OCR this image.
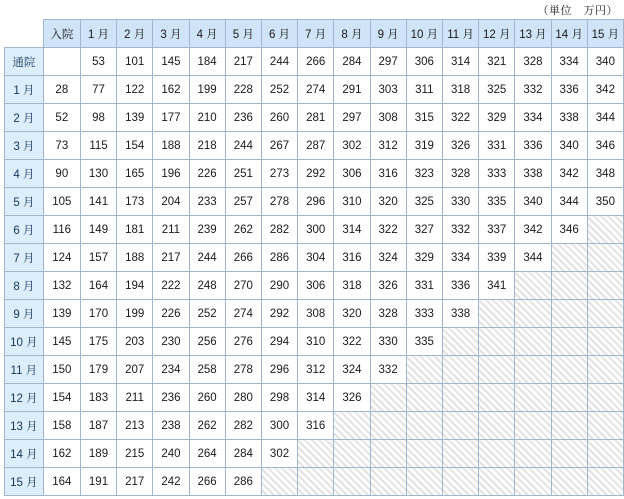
（単位　万円）
	入院	1 月	2 月	3 月	4 月	5 月	6 月	7 月	8 月	9 月	10 月	11 月	12 月	13 月	14 月	15 月
通院		53	101	145	184	217	244	266	284	297	306	314	321	328	334	340
1 月	28	77	122	162	199	228	252	274	291	303	311	318	325	332	336	342
2 月	52	98	139	177	210	236	260	281	297	308	315	322	329	334	338	344
3 月	73	115	154	188	218	244	267	287	302	312	319	326	331	336	340	346
4 月	90	130	165	196	226	251	273	292	306	316	323	328	333	338	342	348
5 月	105	141	173	204	233	257	278	296	310	320	325	330	335	340	344	350
6 月	116	149	181	211	239	262	282	300	314	322	327	332	337	342	346	
7 月	124	157	188	217	244	266	286	304	316	324	329	334	339	344		
8 月	132	164	194	222	248	270	290	306	318	326	331	336	341			
9 月	139	170	199	226	252	274	292	308	320	328	333	338				
10 月	145	175	203	230	256	276	294	310	322	330	335					
11 月	150	179	207	234	258	278	296	312	324	332						
12 月	154	183	211	236	260	280	298	314	326							
13 月	158	187	213	238	262	282	300	316								
14 月	162	189	215	240	264	284	302									
15 月	164	191	217	242	266	286										
